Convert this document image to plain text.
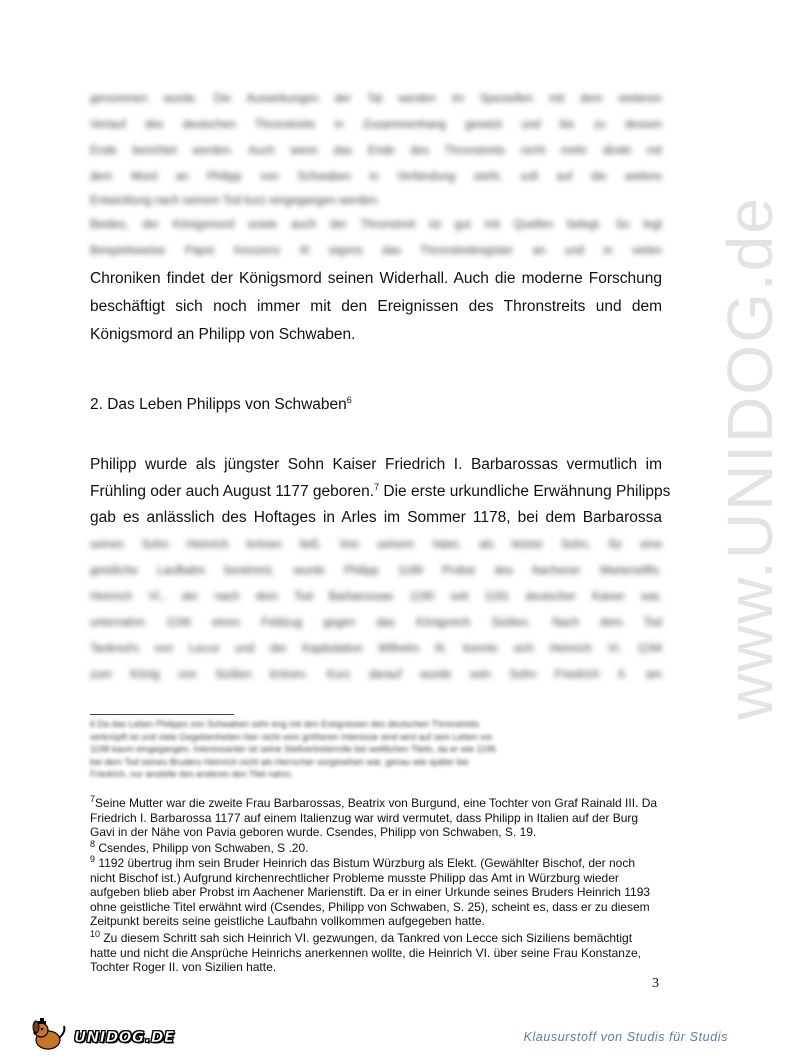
www.UNIDOG.de
genommen wurde. Die Auswirkungen der Tat werden im Speziellen mit dem weiteren
Verlauf des deutschen Thronstreits in Zusammenhang gesetzt und bis zu dessen
Ende berichtet werden. Auch wenn das Ende des Thronstreits nicht mehr direkt mit
dem Mord an Philipp von Schwaben in Verbindung steht, soll auf die weitere
Entwicklung nach seinem Tod kurz eingegangen werden.
Beides, der Königsmord sowie auch der Thronstreit ist gut mit Quellen belegt. So legt
Beispielsweise Papst Innozenz III eigens das Thronstreitregister an und in vielen
Chroniken findet der Königsmord seinen Widerhall. Auch die moderne Forschung
beschäftigt sich noch immer mit den Ereignissen des Thronstreits und dem
Königsmord an Philipp von Schwaben.
2. Das Leben Philipps von Schwaben$^6$
Philipp wurde als jüngster Sohn Kaiser Friedrich I. Barbarossas vermutlich im
Frühling oder auch August 1177 geboren.$^7$ Die erste urkundliche Erwähnung Philipps
gab es anlässlich des Hoftages in Arles im Sommer 1178, bei dem Barbarossa
seinen Sohn Heinrich krönen ließ. Von seinem Vater, als letzter Sohn, für eine
geistliche Laufbahn bestimmt, wurde Philipp 1189 Probst des Aachener Marienstifts.
Heinrich VI., der nach dem Tod Barbarossas 1190 seit 1191 deutscher Kaiser war,
unternahm 1194 einen Feldzug gegen das Königreich Sizilien. Nach dem Tod
Tankred's von Lecce und der Kapitulation Wilhelm III. konnte sich Heinrich VI. 1194
zum König von Sizilien krönen. Kurz darauf wurde sein Sohn Friedrich II. am
6 Da das Leben Philipps von Schwaben sehr eng mit den Ereignissen des deutschen Thronstreits
verknüpft ist und viele Gegebenheiten hier nicht vom größeren Interesse sind wird auf sein Leben vor
1198 kaum eingegangen. Interessanter ist seine Stellvertreterrolle bei weltlichen Titeln, da er wie 1196
bei dem Tod seines Bruders Heinrich nicht als Herrscher vorgesehen war, genau wie später bei
Friedrich, nur anstelle des anderen den Titel nahm.
$^7$Seine Mutter war die zweite Frau Barbarossas, Beatrix von Burgund, eine Tochter von Graf Rainald III. Da Friedrich I. Barbarossa 1177 auf einem Italienzug war wird vermutet, dass Philipp in Italien auf der Burg Gavi in der Nähe von Pavia geboren wurde. Csendes, Philipp von Schwaben, S. 19.
$^8$ Csendes, Philipp von Schwaben, S .20.
$^9$ 1192 übertrug ihm sein Bruder Heinrich das Bistum Würzburg als Elekt. (Gewählter Bischof, der noch nicht Bischof ist.) Aufgrund kirchenrechtlicher Probleme musste Philipp das Amt in Würzburg wieder aufgeben blieb aber Probst im Aachener Marienstift. Da er in einer Urkunde seines Bruders Heinrich 1193 ohne geistliche Titel erwähnt wird (Csendes, Philipp von Schwaben, S. 25), scheint es, dass er zu diesem Zeitpunkt bereits seine geistliche Laufbahn vollkommen aufgegeben hatte.
$^{10}$ Zu diesem Schritt sah sich Heinrich VI. gezwungen, da Tankred von Lecce sich Siziliens bemächtigt hatte und nicht die Ansprüche Heinrichs anerkennen wollte, die Heinrich VI. über seine Frau Konstanze, Tochter Roger II. von Sizilien hatte.
3
UNIDOG.DE	Klausurstoff von Studis für Studis
